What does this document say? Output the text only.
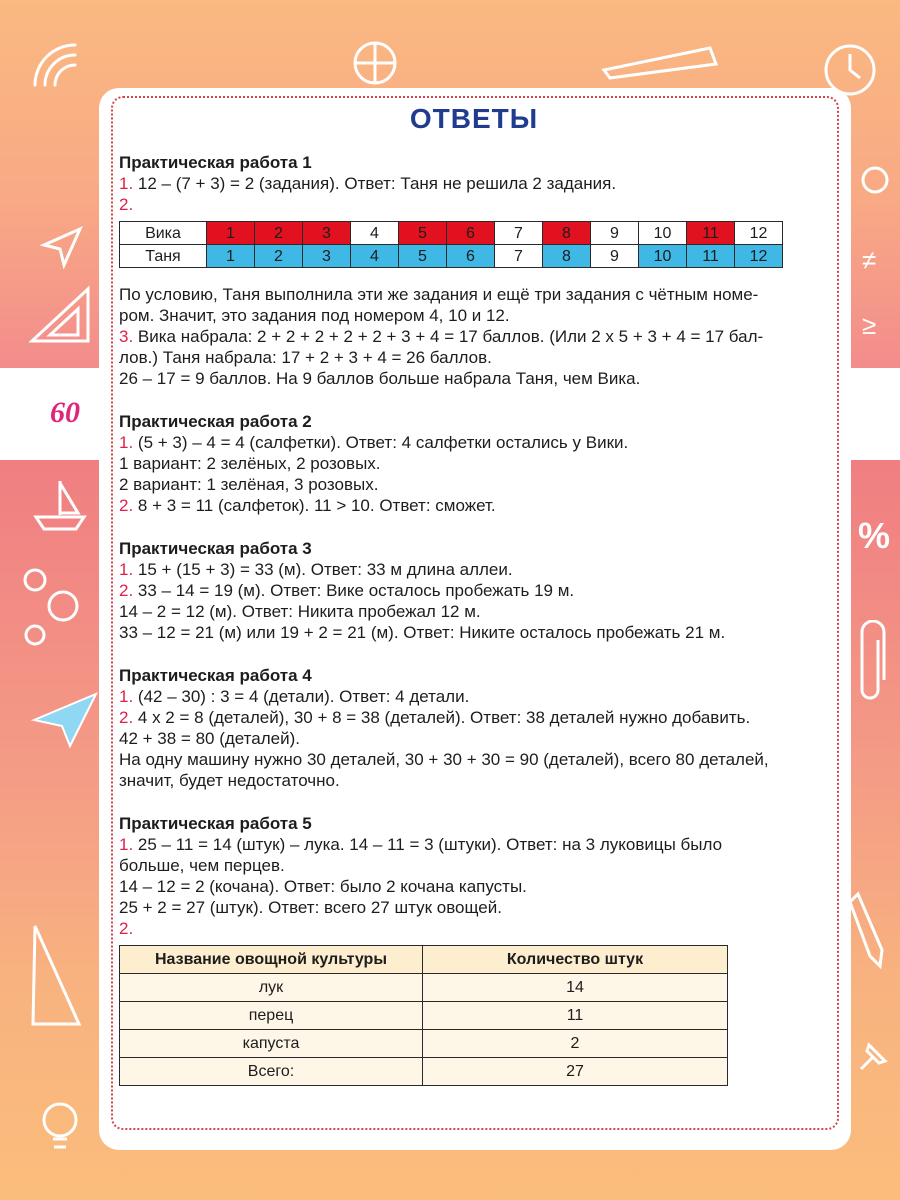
≠
≥
%
60
ОТВЕТЫ

Практическая работа 1

1. 12 – (7 + 3) = 2 (задания). Ответ: Таня не решила 2 задания.

2.

Вика	1	2	3	4	5	6	7	8	9	10	11	12
Таня	1	2	3	4	5	6	7	8	9	10	11	12

По условию, Таня выполнила эти же задания и ещё три задания с чётным номе-

ром. Значит, это задания под номером 4, 10 и 12.

3. Вика набрала: 2 + 2 + 2 + 2 + 2 + 3 + 4 = 17 баллов. (Или 2 х 5 + 3 + 4 = 17 бал-

лов.) Таня набрала: 17 + 2 + 3 + 4 = 26 баллов.

26 – 17 = 9 баллов. На 9 баллов больше набрала Таня, чем Вика.

Практическая работа 2

1. (5 + 3) – 4 = 4 (салфетки). Ответ: 4 салфетки остались у Вики.

1 вариант: 2 зелёных, 2 розовых.

2 вариант: 1 зелёная, 3 розовых.

2. 8 + 3 = 11 (салфеток). 11 > 10. Ответ: сможет.

Практическая работа 3

1. 15 + (15 + 3) = 33 (м). Ответ: 33 м длина аллеи.

2. 33 – 14 = 19 (м). Ответ: Вике осталось пробежать 19 м.

14 – 2 = 12 (м). Ответ: Никита пробежал 12 м.

33 – 12 = 21 (м) или 19 + 2 = 21 (м). Ответ: Никите осталось пробежать 21 м.

Практическая работа 4

1. (42 – 30) : 3 = 4 (детали). Ответ: 4 детали.

2. 4 х 2 = 8 (деталей), 30 + 8 = 38 (деталей). Ответ: 38 деталей нужно добавить.

42 + 38 = 80 (деталей).

На одну машину нужно 30 деталей, 30 + 30 + 30 = 90 (деталей), всего 80 деталей,

значит, будет недостаточно.

Практическая работа 5

1. 25 – 11 = 14 (штук) – лука. 14 – 11 = 3 (штуки). Ответ: на 3 луковицы было

больше, чем перцев.

14 – 12 = 2 (кочана). Ответ: было 2 кочана капусты.

25 + 2 = 27 (штук). Ответ: всего 27 штук овощей.

2.

Название овощной культуры	Количество штук
лук	14
перец	11
капуста	2
Всего:	27
